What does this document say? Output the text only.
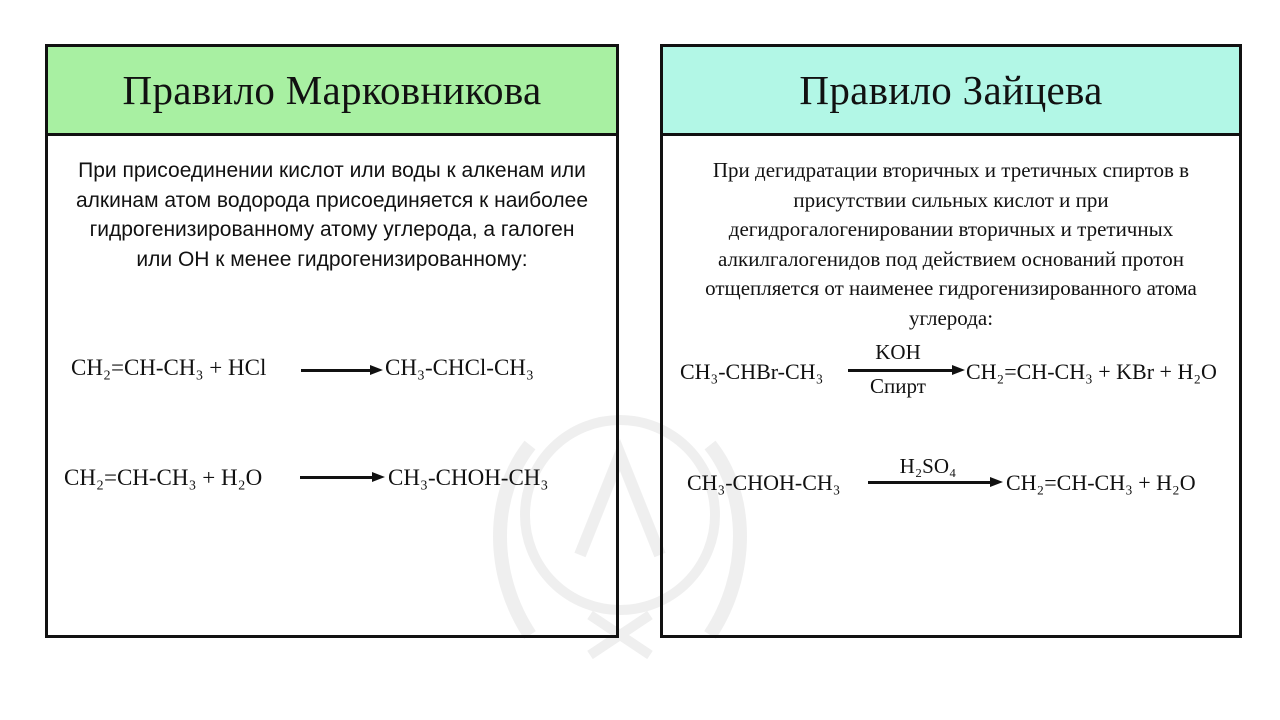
Правило Марковникова
При присоединении кислот или воды к алкенам или алкинам атом водорода присоединяется к наиболее гидрогенизированному атому углерода, а галоген или ОН к менее гидрогенизированному:
CH₂=CH-CH₃ + HCl	CH₃-CHCl-CH₃
CH₂=CH-CH₃ + H₂O	CH₃-CHOH-CH₃
Правило Зайцева
При дегидратации вторичных и третичных спиртов в присутствии сильных кислот и при дегидрогалогенировании вторичных и третичных алкилгалогенидов под действием оснований протон отщепляется от наименее гидрогенизированного атома углерода:
CH₃-CHBr-CH₃
KOH
Спирт
CH₂=CH-CH₃ + KBr + H₂O
CH₃-CHOH-CH₃
H₂SO₄
CH₂=CH-CH₃ + H₂O
